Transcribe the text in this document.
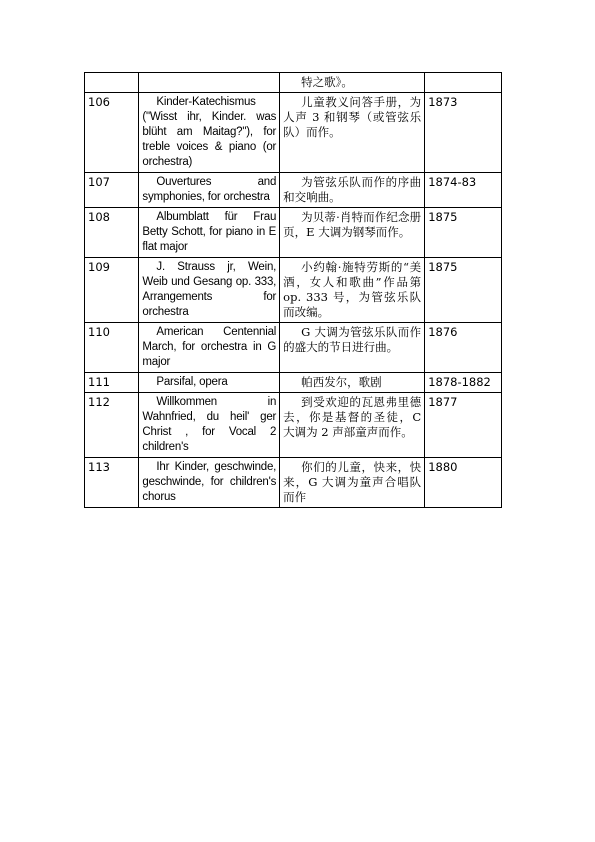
		特之歌》。	
106	Kinder-Katechismus ("Wisst ihr, Kinder. was blüht am Maitag?"), for treble voices & piano (or orchestra)	儿童教义问答手册，为人声 3 和钢琴（或管弦乐队）而作。	1873
107	Ouvertures and symphonies, for orchestra	为管弦乐队而作的序曲和交响曲。	1874-83
108	Albumblatt für Frau Betty Schott, for piano in E flat major	为贝蒂·肖特而作纪念册页，E 大调为钢琴而作。	1875
109	J. Strauss jr, Wein, Weib und Gesang op. 333, Arrangements for orchestra	小约翰·施特劳斯的“美酒，女人和歌曲”作品第 op. 333 号，为管弦乐队而改编。	1875
110	American Centennial March, for orchestra in G major	G 大调为管弦乐队而作的盛大的节日进行曲。	1876
111	Parsifal, opera	帕西发尔，歌剧	1878-1882
112	Willkommen in Wahnfried, du heil' ger Christ , for Vocal 2 children's	到受欢迎的瓦恩弗里德去，你是基督的圣徒，C 大调为 2 声部童声而作。	1877
113	Ihr Kinder, geschwinde, geschwinde, for children's chorus	你们的儿童，快来，快来，G 大调为童声合唱队而作	1880
